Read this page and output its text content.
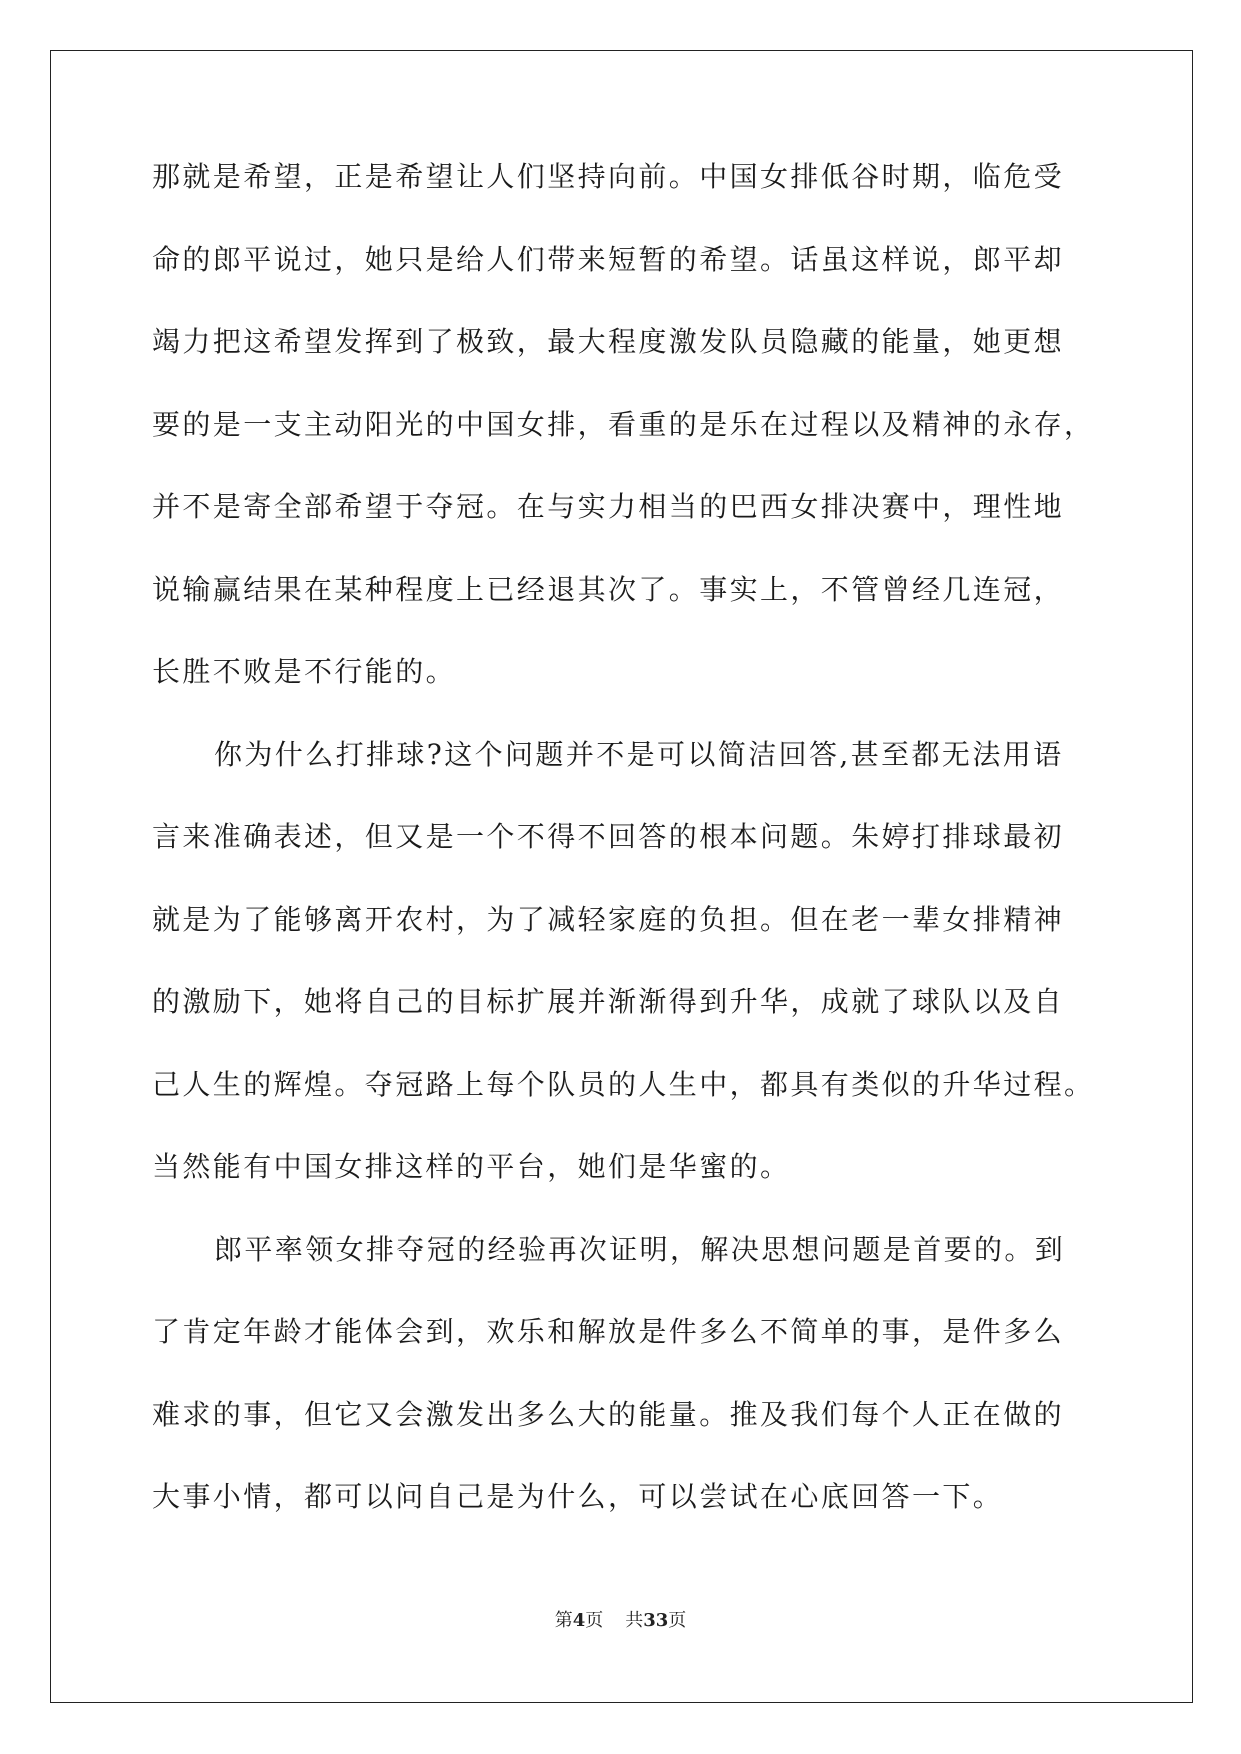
那就是希望，正是希望让人们坚持向前。中国女排低谷时期，临危受
命的郎平说过，她只是给人们带来短暂的希望。话虽这样说，郎平却
竭力把这希望发挥到了极致，最大程度激发队员隐藏的能量，她更想
要的是一支主动阳光的中国女排，看重的是乐在过程以及精神的永存，
并不是寄全部希望于夺冠。在与实力相当的巴西女排决赛中，理性地
说输赢结果在某种程度上已经退其次了。事实上，不管曾经几连冠，
长胜不败是不行能的。
你为什么打排球?这个问题并不是可以简洁回答,甚至都无法用语
言来准确表述，但又是一个不得不回答的根本问题。朱婷打排球最初
就是为了能够离开农村，为了减轻家庭的负担。但在老一辈女排精神
的激励下，她将自己的目标扩展并渐渐得到升华，成就了球队以及自
己人生的辉煌。夺冠路上每个队员的人生中，都具有类似的升华过程。
当然能有中国女排这样的平台，她们是华蜜的。
郎平率领女排夺冠的经验再次证明，解决思想问题是首要的。到
了肯定年龄才能体会到，欢乐和解放是件多么不简单的事，是件多么
难求的事，但它又会激发出多么大的能量。推及我们每个人正在做的
大事小情，都可以问自己是为什么，可以尝试在心底回答一下。
第4页 共33页
